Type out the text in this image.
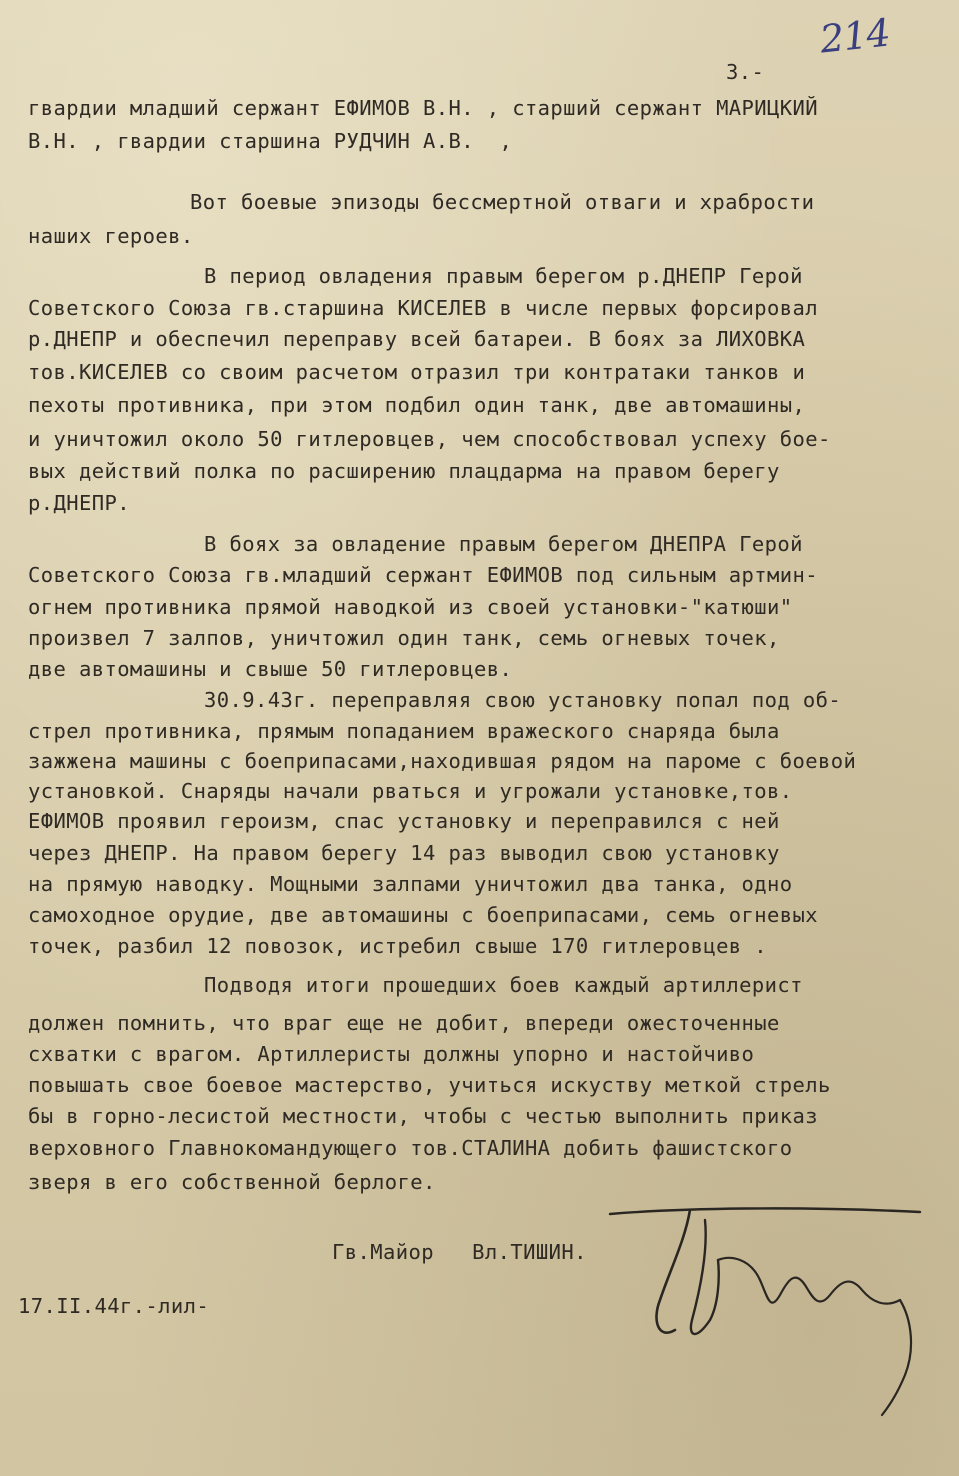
214

3.-

гвардии младший сержант ЕФИМОВ В.Н. , старший сержант МАРИЦКИЙ

В.Н. , гвардии старшина РУДЧИН А.В.  ,

Вот боевые эпизоды бессмертной отваги и храбрости

наших героев.

В период овладения правым берегом р.ДНЕПР Герой

Советского Союза гв.старшина КИСЕЛЕВ в числе первых форсировал

р.ДНЕПР и обеспечил переправу всей батареи. В боях за ЛИХОВКА

тов.КИСЕЛЕВ со своим расчетом отразил три контратаки танков и

пехоты противника, при этом подбил один танк, две автомашины,

и уничтожил около 50 гитлеровцев, чем способствовал успеху бое-

вых действий полка по расширению плацдарма на правом берегу

р.ДНЕПР.

В боях за овладение правым берегом ДНЕПРА Герой

Советского Союза гв.младший сержант ЕФИМОВ под сильным артмин-

огнем противника прямой наводкой из своей установки-"катюши"

произвел 7 залпов, уничтожил один танк, семь огневых точек,

две автомашины и свыше 50 гитлеровцев.

30.9.43г. переправляя свою установку попал под об-

стрел противника, прямым попаданием вражеского снаряда была

зажжена машины с боеприпасами,находившая рядом на пароме с боевой

установкой. Снаряды начали рваться и угрожали установке,тов.

ЕФИМОВ проявил героизм, спас установку и переправился с ней

через ДНЕПР. На правом берегу 14 раз выводил свою установку

на прямую наводку. Мощными залпами уничтожил два танка, одно

самоходное орудие, две автомашины с боеприпасами, семь огневых

точек, разбил 12 повозок, истребил свыше 170 гитлеровцев .

Подводя итоги прошедших боев каждый артиллерист

должен помнить, что враг еще не добит, впереди ожесточенные

схватки с врагом. Артиллеристы должны упорно и настойчиво

повышать свое боевое мастерство, учиться искуству меткой стрель

бы в горно-лесистой местности, чтобы с честью выполнить приказ

верховного Главнокомандующего тов.СТАЛИНА добить фашистского

зверя в его собственной берлоге.

Гв.Майор   Вл.ТИШИН.

17.II.44г.-лил-
